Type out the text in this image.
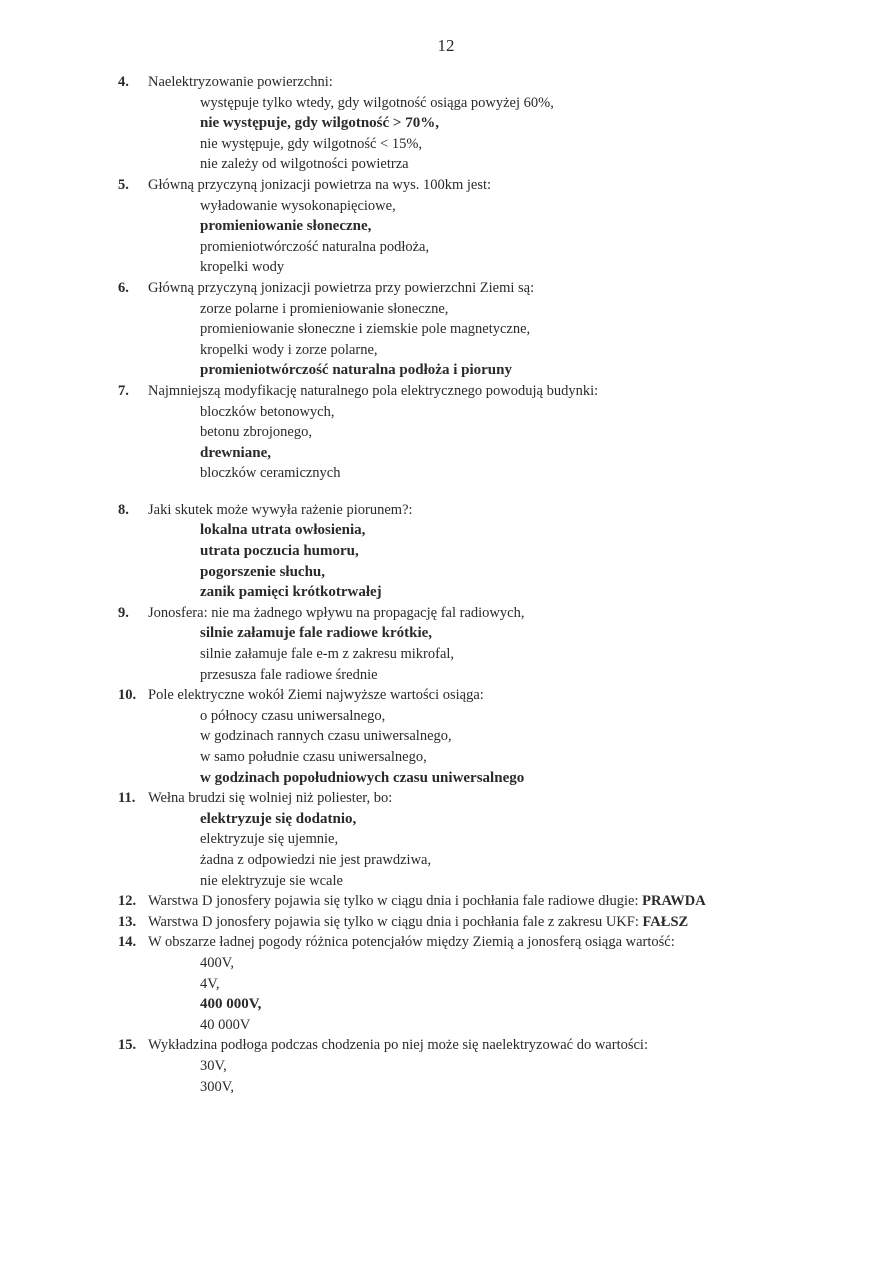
12
4. Naelektryzowanie powierzchni:
występuje tylko wtedy, gdy wilgotność osiąga powyżej 60%,
nie występuje, gdy wilgotność > 70%,
nie występuje, gdy wilgotność < 15%,
nie zależy od wilgotności powietrza
5. Główną przyczyną jonizacji powietrza na wys. 100km jest:
wyładowanie wysokonapięciowe,
promieniowanie słoneczne,
promieniotwórczość naturalna podłoża,
kropelki wody
6. Główną przyczyną jonizacji powietrza przy powierzchni Ziemi są:
zorze polarne i promieniowanie słoneczne,
promieniowanie słoneczne i ziemskie pole magnetyczne,
kropelki wody i zorze polarne,
promieniotwórczość naturalna podłoża i pioruny
7. Najmniejszą modyfikację naturalnego pola elektrycznego powodują budynki:
bloczków betonowych,
betonu zbrojonego,
drewniane,
bloczków ceramicznych
8. Jaki skutek może wywyła rażenie piorunem?:
lokalna utrata owłosienia,
utrata poczucia humoru,
pogorszenie słuchu,
zanik pamięci krótkotrwałej
9. Jonosfera: nie ma żadnego wpływu na propagację fal radiowych,
silnie załamuje fale radiowe krótkie,
silnie załamuje fale e-m z zakresu mikrofal,
przesusza fale radiowe średnie
10. Pole elektryczne wokół Ziemi najwyższe wartości osiąga:
o północy czasu uniwersalnego,
w godzinach rannych czasu uniwersalnego,
w samo południe czasu uniwersalnego,
w godzinach popołudniowych czasu uniwersalnego
11. Wełna brudzi się wolniej niż poliester, bo:
elektryzuje się dodatnio,
elektryzuje się ujemnie,
żadna z odpowiedzi nie jest prawdziwa,
nie elektryzuje sie wcale
12. Warstwa D jonosfery pojawia się tylko w ciągu dnia i pochłania fale radiowe długie: PRAWDA
13. Warstwa D jonosfery pojawia się tylko w ciągu dnia i pochłania fale z zakresu UKF: FAŁSZ
14. W obszarze ładnej pogody różnica potencjałów między Ziemią a jonosferą osiąga wartość:
400V,
4V,
400 000V,
40 000V
15. Wykładzina podłoga podczas chodzenia po niej może się naelektryzować do wartości:
30V,
300V,
